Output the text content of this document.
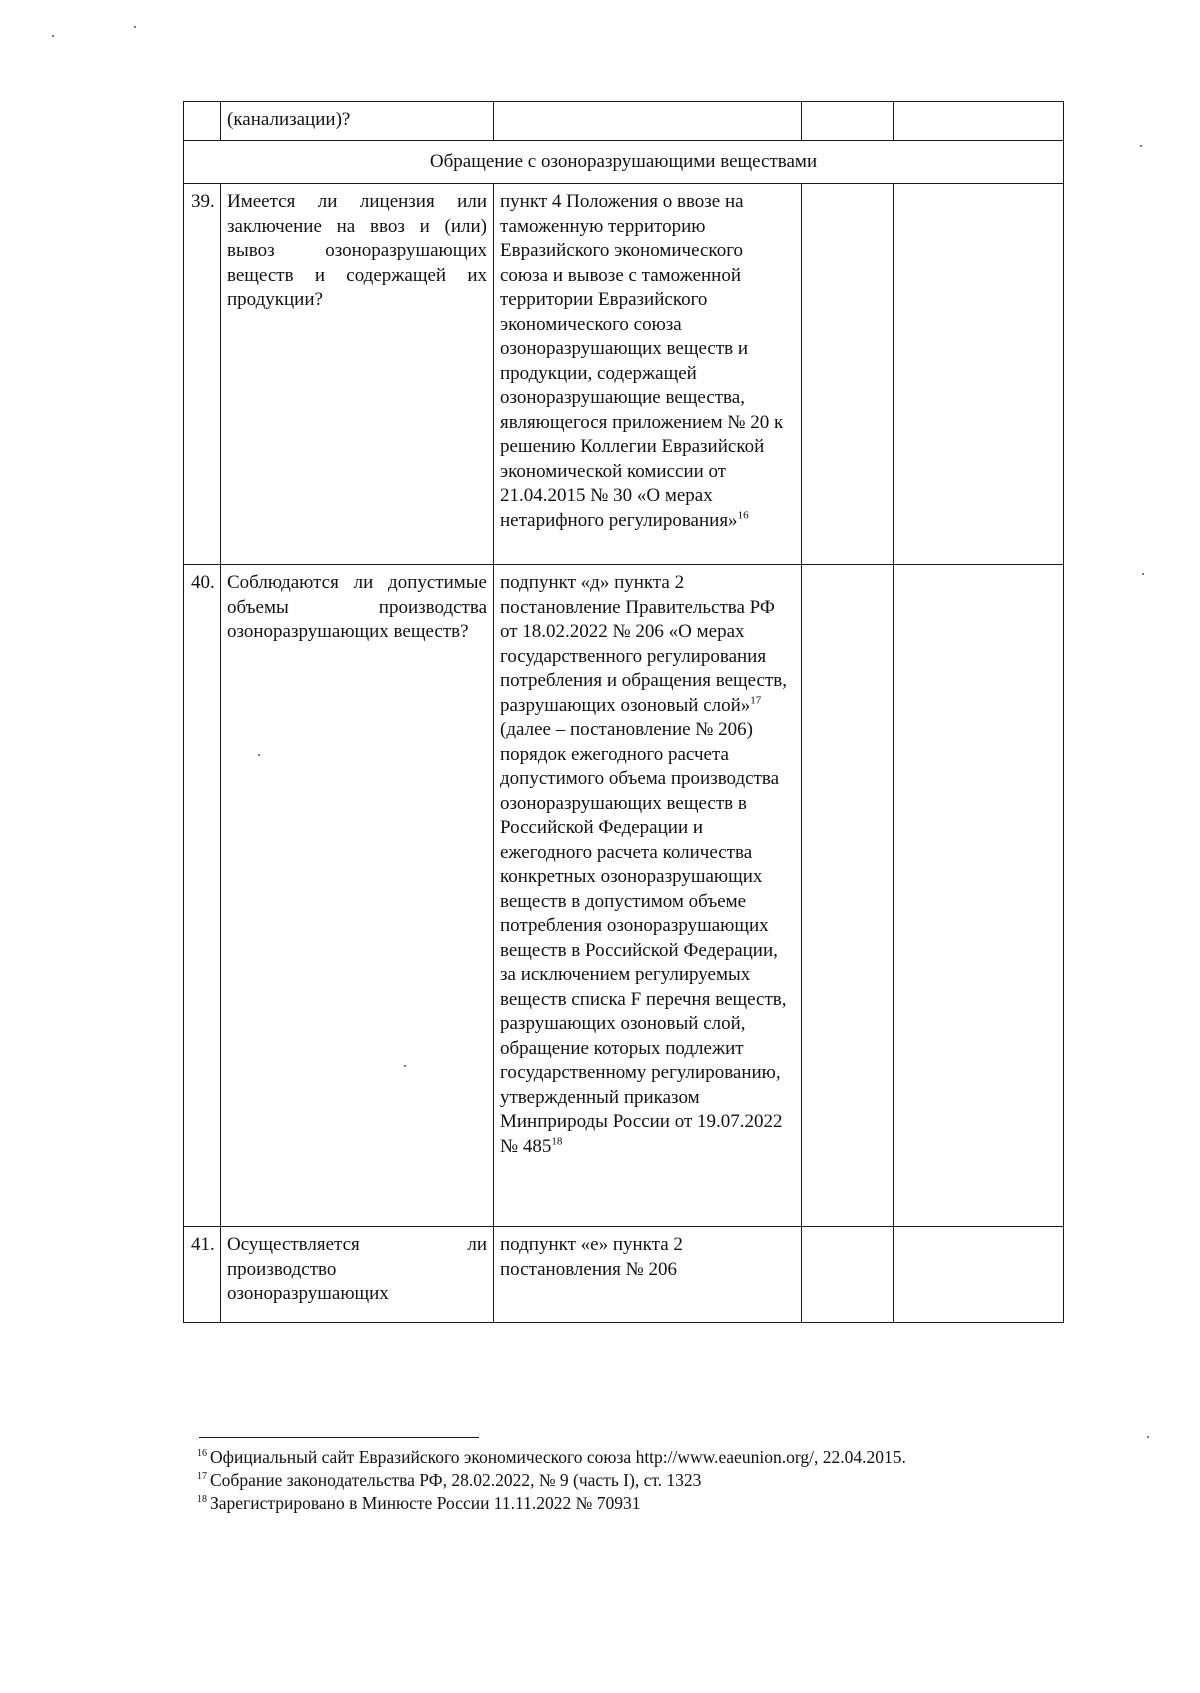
	(канализации)?			
Обращение с озоноразрушающими веществами				
39.	Имеется ли лицензия или заключение на ввоз и (или) вывоз озоноразрушающих веществ и содержащей их продукции?	пункт 4 Положения о ввозе на таможенную территорию Евразийского экономического союза и вывозе с таможенной территории Евразийского экономического союза озоноразрушающих веществ и продукции, содержащей озоноразрушающие вещества, являющегося приложением № 20 к решению Коллегии Евразийской экономической комиссии от 21.04.2015 № 30 «О мерах нетарифного регулирования»$^{16}$		
40.	Соблюдаются ли допустимые объемы производства озоноразрушающих веществ?	подпункт «д» пункта 2 постановление Правительства РФ от 18.02.2022 № 206 «О мерах государственного регулирования потребления и обращения веществ, разрушающих озоновый слой»$^{17}$ (далее – постановление № 206) порядок ежегодного расчета допустимого объема производства озоноразрушающих веществ в Российской Федерации и ежегодного расчета количества конкретных озоноразрушающих веществ в допустимом объеме потребления озоноразрушающих веществ в Российской Федерации, за исключением регулируемых веществ списка F перечня веществ, разрушающих озоновый слой, обращение которых подлежит государственному регулированию, утвержденный приказом Минприроды России от 19.07.2022 № 485$^{18}$		
41.	Осуществляется ли производство озоноразрушающих	подпункт «е» пункта 2 постановления № 206		
$^{16}$ Официальный сайт Евразийского экономического союза http://www.eaeunion.org/, 22.04.2015.
$^{17}$ Собрание законодательства РФ, 28.02.2022, № 9 (часть I), ст. 1323
$^{18}$ Зарегистрировано в Минюсте России 11.11.2022 № 70931
